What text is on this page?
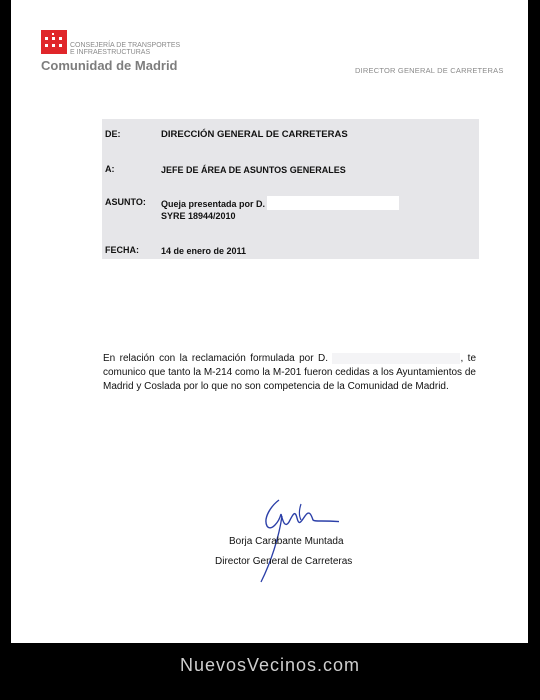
CONSEJERÍA DE TRANSPORTES
E INFRAESTRUCTURAS
Comunidad de Madrid	DIRECTOR GENERAL DE CARRETERAS
DE:	DIRECCIÓN GENERAL DE CARRETERAS
A:	JEFE DE ÁREA DE ASUNTOS GENERALES
ASUNTO: Queja presentada por D.
SYRE 18944/2010
FECHA: 14 de enero de 2011
En relación con la reclamación formulada por D.	, te comunico que tanto la M-214 como la M-201 fueron cedidas a los Ayuntamientos de Madrid y Coslada por lo que no son competencia de la Comunidad de Madrid.
Borja Carabante Muntada
Director General de Carreteras
NuevosVecinos.com
